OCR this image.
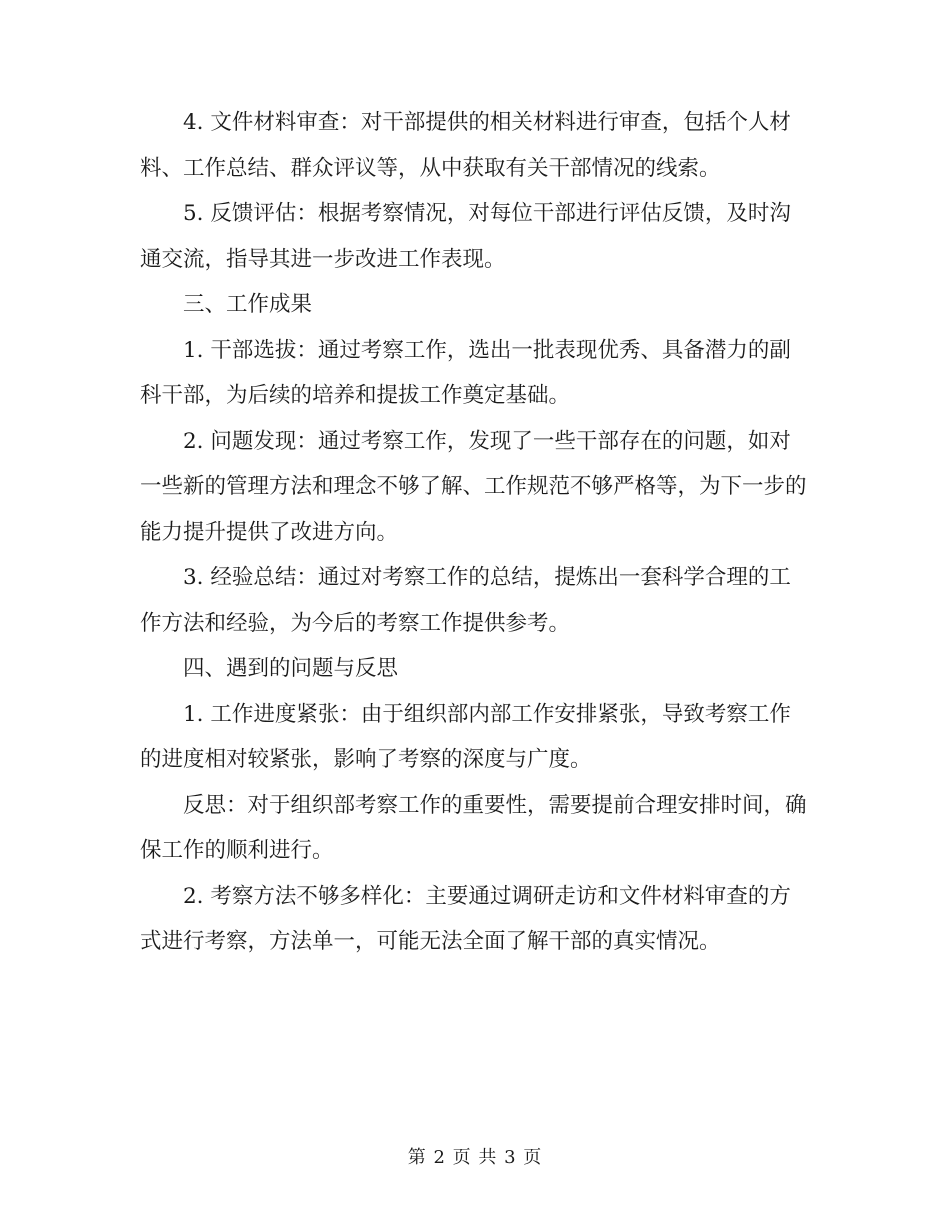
4. 文件材料审查：对干部提供的相关材料进行审查，包括个人材料、工作总结、群众评议等，从中获取有关干部情况的线索。

5. 反馈评估：根据考察情况，对每位干部进行评估反馈，及时沟通交流，指导其进一步改进工作表现。

三、工作成果

1. 干部选拔：通过考察工作，选出一批表现优秀、具备潜力的副科干部，为后续的培养和提拔工作奠定基础。

2. 问题发现：通过考察工作，发现了一些干部存在的问题，如对一些新的管理方法和理念不够了解、工作规范不够严格等，为下一步的能力提升提供了改进方向。

3. 经验总结：通过对考察工作的总结，提炼出一套科学合理的工作方法和经验，为今后的考察工作提供参考。

四、遇到的问题与反思

1. 工作进度紧张：由于组织部内部工作安排紧张，导致考察工作的进度相对较紧张，影响了考察的深度与广度。

反思：对于组织部考察工作的重要性，需要提前合理安排时间，确保工作的顺利进行。

2. 考察方法不够多样化：主要通过调研走访和文件材料审查的方式进行考察，方法单一，可能无法全面了解干部的真实情况。

第 2 页 共 3 页
